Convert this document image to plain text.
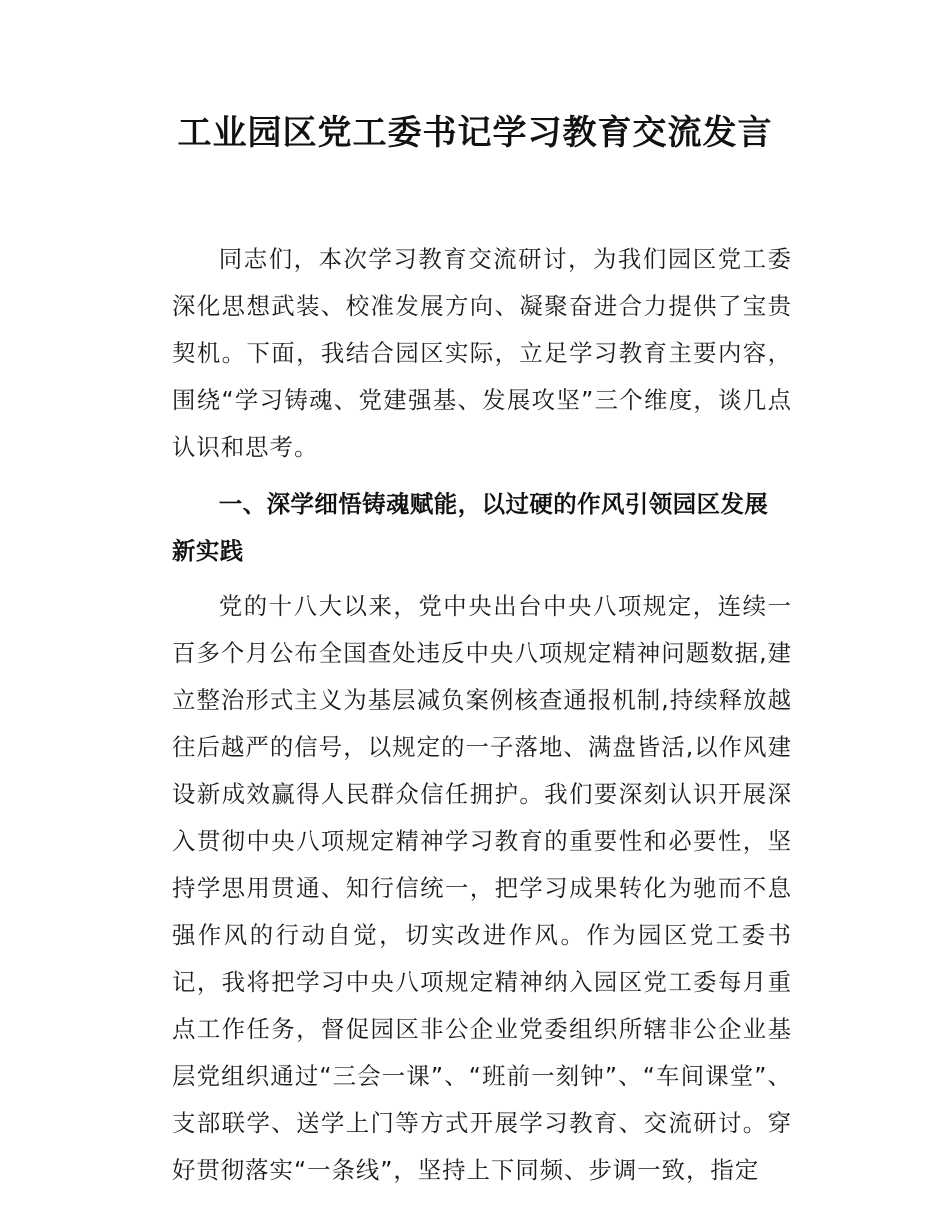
工业园区党工委书记学习教育交流发言

同志们，本次学习教育交流研讨，为我们园区党工委深化思想武装、校准发展方向、凝聚奋进合力提供了宝贵契机。下面，我结合园区实际，立足学习教育主要内容，围绕“学习铸魂、党建强基、发展攻坚”三个维度，谈几点认识和思考。

一、深学细悟铸魂赋能，以过硬的作风引领园区发展新实践

党的十八大以来，党中央出台中央八项规定，连续一百多个月公布全国查处违反中央八项规定精神问题数据,建立整治形式主义为基层减负案例核查通报机制,持续释放越往后越严的信号，以规定的一子落地、满盘皆活,以作风建设新成效赢得人民群众信任拥护。我们要深刻认识开展深入贯彻中央八项规定精神学习教育的重要性和必要性，坚持学思用贯通、知行信统一，把学习成果转化为驰而不息强作风的行动自觉，切实改进作风。作为园区党工委书记，我将把学习中央八项规定精神纳入园区党工委每月重点工作任务，督促园区非公企业党委组织所辖非公企业基层党组织通过“三会一课”、“班前一刻钟”、“车间课堂”、支部联学、送学上门等方式开展学习教育、交流研讨。穿好贯彻落实“一条线”，坚持上下同频、步调一致，指定
